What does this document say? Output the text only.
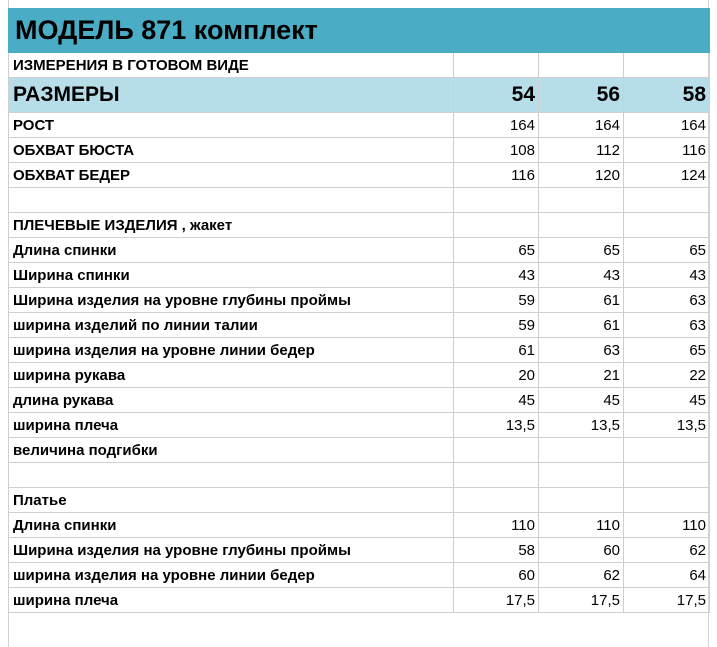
МОДЕЛЬ 871 комплект			
ИЗМЕРЕНИЯ В ГОТОВОМ ВИДЕ			
РАЗМЕРЫ	54	56	58
РОСТ	164	164	164
ОБХВАТ БЮСТА	108	112	116
ОБХВАТ БЕДЕР	116	120	124

ПЛЕЧЕВЫЕ ИЗДЕЛИЯ , жакет			
Длина спинки	65	65	65
Ширина спинки	43	43	43
Ширина изделия на уровне глубины проймы	59	61	63
ширина изделий по линии талии	59	61	63
ширина изделия на уровне линии бедер	61	63	65
ширина рукава	20	21	22
длина рукава	45	45	45
ширина плеча	13,5	13,5	13,5
величина подгибки			

Платье			
Длина спинки	110	110	110
Ширина изделия на уровне глубины проймы	58	60	62
ширина изделия на уровне линии бедер	60	62	64
ширина плеча	17,5	17,5	17,5
